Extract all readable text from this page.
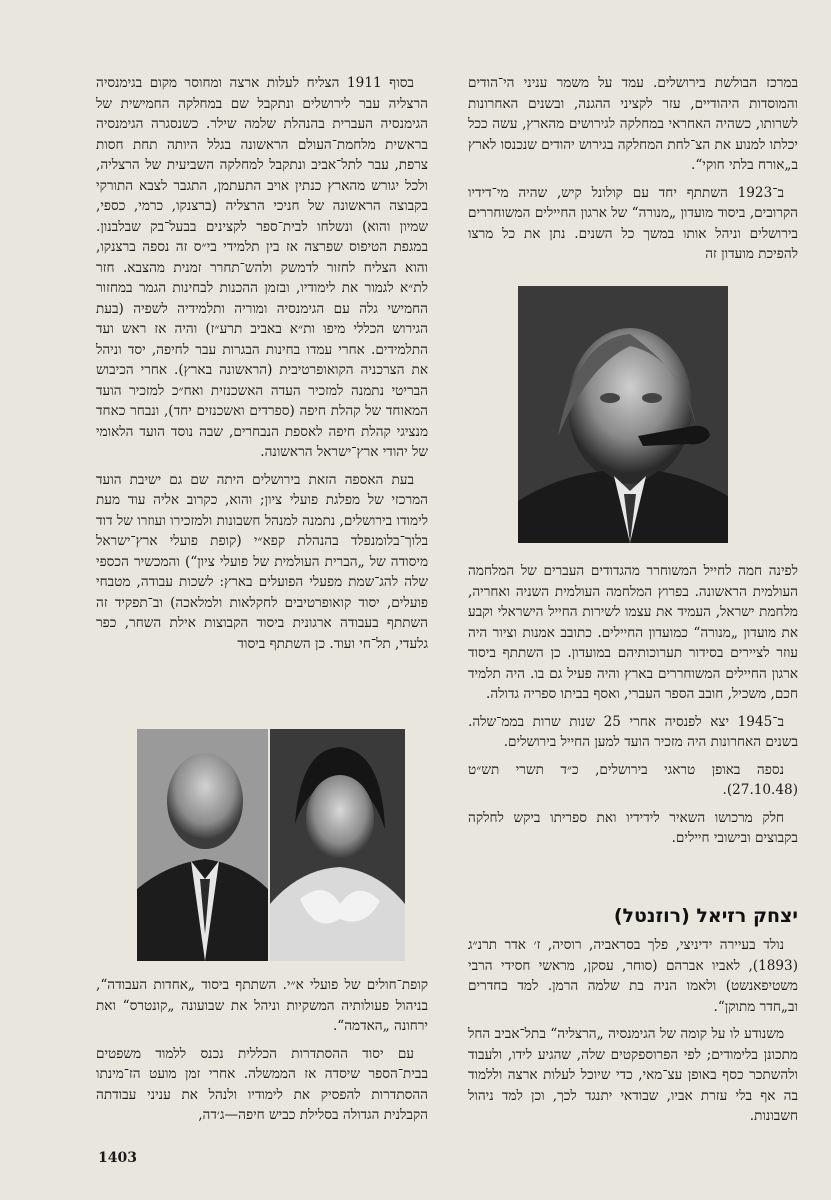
במרכז הבולשת בירושלים. עמד על משמר עניני הי־הודים והמוסדות היהודיים, עזר לקציני ההגנה, ובשנים האחרונות לשרותו, כשהיה האחראי במחלקה לגירושים מהארץ, עשה ככל יכלתו למנוע את הצ־לחת המחלקה בגירוש יהודים שנכנסו לארץ ב„אורח בלתי חוקי“.

ב־1923 השתתף יחד עם קולונל קיש, שהיה מי־דידיו הקרובים, ביסוד מועדון „מנורה“ של ארגון החיילים המשוחררים בירושלים וניהל אותו במשך כל השנים. נתן את כל מרצו להפיכת מועדון זה

לפינה חמה לחייל המשוחרר מהגדודים העברים של המלחמה העולמית הראשונה. בפרוץ המלחמה העולמית השניה ואחריה, מלחמת ישראל, העמיד את עצמו לשירות החייל הישראלי וקבע את מועדון „מנורה“ כמועדון החיילים. כתובב אמנות וציור היה עוזר לציירים בסידור תערוכותיהם במועדון. כן השתתף ביסוד ארגון החיילים המשוחררים בארץ והיה פעיל גם בו. היה תלמיד חכם, משכיל, חובב הספר העברי, ואסף בביתו ספריה גדולה.

ב־1945 יצא לפנסיה אחרי 25 שנות שרות בממ־שלה. בשנים האחרונות היה מזכיר הועד למען החייל בירושלים.

נספה באופן טראגי בירושלים, כ״ד תשרי תש״ט (27.10.48).

חלק מרכושו השאיר לידידיו ואת ספריתו ביקש לחלקה בקבוצים ובישובי חיילים.

יצחק רזיאל (רוזנטל)

נולד בעיירה ידיניצי, פלך בסראביה, רוסיה, ז׳ אדר תרנ״ג (1893), לאביו אברהם (סוחר, עסקן, מראשי חסידי הרבי משטיפאנשט) ולאמו הניה בת שלמה הרמן. למד בחדרים וב„חדר מתוקן“.

משנודע לו על קומה של הגימנסיה „הרצליה“ בתל־אביב החל מתכונן בלימודים; לפי הפרוספקטים שלה, שהגיע לידו, ולעבוד ולהשתכר כסף באופן עצ־מאי, כדי שיוכל לעלות ארצה וללמוד בה אף בלי עזרת אביו, שבודאי יתנגד לכך, וכן למד ניהול חשבונות.

בסוף 1911 הצליח לעלות ארצה ומחוסר מקום בגימנסיה הרצליה עבר לירושלים ונתקבל שם במחלקה החמישית של הגימנסיה העברית בהנהלת שלמה שילר. כשנסגרה הגימנסיה בראשית מלחמת־העולם הראשונה בגלל היותה תחת חסות צרפת, עבר לתל־אביב ונתקבל למחלקה השביעית של הרצליה, ולכל יגורש מהארץ כנתין אויב התעתמן, התגבר לצבא התורקי בקבוצה הראשונה של חניכי הרצליה (ברצנקו, כרמי, כספי, שמיון והוא) ונשלחו לבית־ספר לקצינים בבעל־בק שבלבנון. במגפת הטיפוס שפרצה אז בין תלמידי בי״ס זה נספה ברצנקו, והוא הצליח לחזור לדמשק ולהש־תחרר זמנית מהצבא. חזר לת״א לגמור את לימודיו, ובזמן ההכנות לבחינות הגמר במחזור החמישי גלה עם הגימנסיה ומוריה ותלמידיה לשפיה (בעת הגירוש הכללי מיפו ות״א באביב תרע״ז) והיה אז ראש ועד התלמידים. אחרי עמדו בחינות הבגרות עבר לחיפה, יסד וניהל את הצרכניה הקואופרטיבית (הראשונה בארץ). אחרי הכיבוש הבריטי נתמנה למזכיר העדה האשכנזית ואח״כ למזכיר הועד המאוחד של קהלת חיפה (ספרדים ואשכנזים יחד), ונבחר כאחד מנציגי קהלת חיפה לאספת הנבחרים, שבה נוסד הועד הלאומי של יהודי ארץ־ישראל הראשונה.

בעת האספה הזאת בירושלים היתה שם גם ישיבת הועד המרכזי של מפלגת פועלי ציון; והוא, כקרוב אליה עוד מעת לימודו בירושלים, נתמנה למנהל חשבונות ולמזכירו ועוזרו של דוד בלוך־בלומנפלד בהנהלת קפא״י (קופת פועלי ארץ־ישראל מיסודה של „הברית העולמית של פועלי ציון“) והמכשיר הכספי שלה להג־שמת מפעלי הפועלים בארץ: לשכות עבודה, מטבחי פועלים, יסוד קואופרטיבים לחקלאות ולמלאכה) וב־תפקיד זה השתתף בעבודה ארגונית ביסוד הקבוצות אילת השחר, כפר גלעדי, תל־חי ועוד. כן השתתף ביסוד

קופת־חולים של פועלי א״י. השתתף ביסוד „אחדות העבודה“, בניהול פעולותיה המשקיות וניהל את שבועונה „קונטרס“ ואת ירחונה „האדמה“.

עם יסוד ההסתדרות הכללית נכנס ללמוד משפטים בבית־הספר שיסדה אז הממשלה. אחרי זמן מועט הז־מינתו ההסתדרות להפסיק את לימודיו ולנהל את עניני עבודתה הקבלנית הגדולה בסלילת כביש חיפה—ג׳דה,

1403
